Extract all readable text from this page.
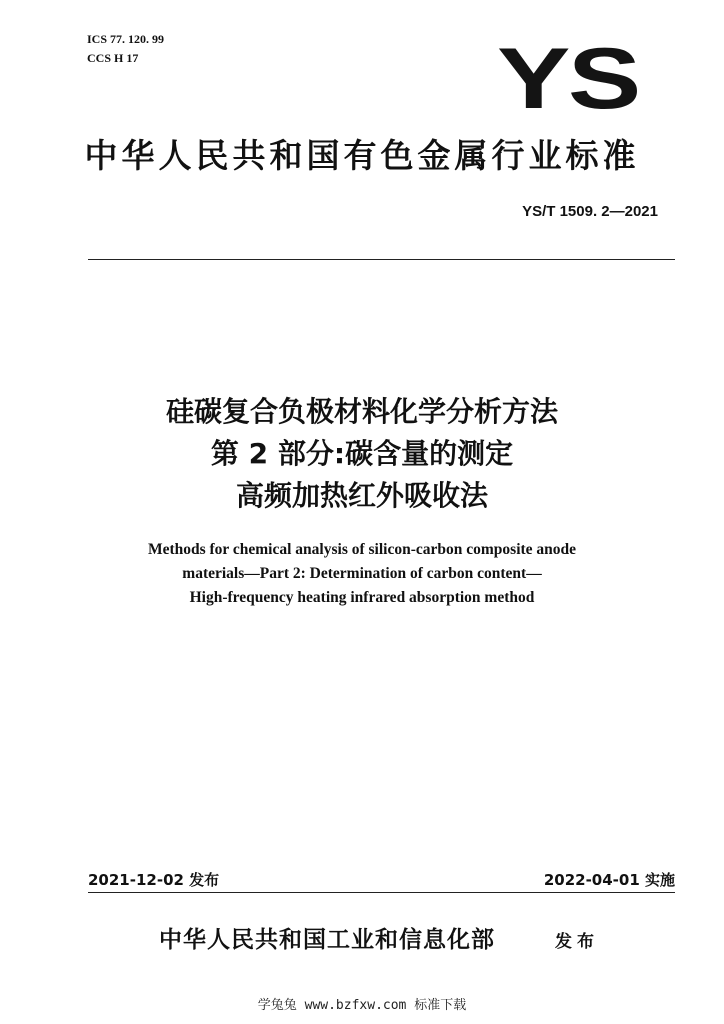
ICS 77. 120. 99
CCS H 17	YS
中华人民共和国有色金属行业标准
YS/T 1509. 2—2021
硅碳复合负极材料化学分析方法
第 2 部分:碳含量的测定
高频加热红外吸收法
Methods for chemical analysis of silicon-carbon composite anode
materials—Part 2: Determination of carbon content—
High-frequency heating infrared absorption method
2021-12-02 发布	2022-04-01 实施
中华人民共和国工业和信息化部	发布
学兔兔 www.bzfxw.com 标准下载
